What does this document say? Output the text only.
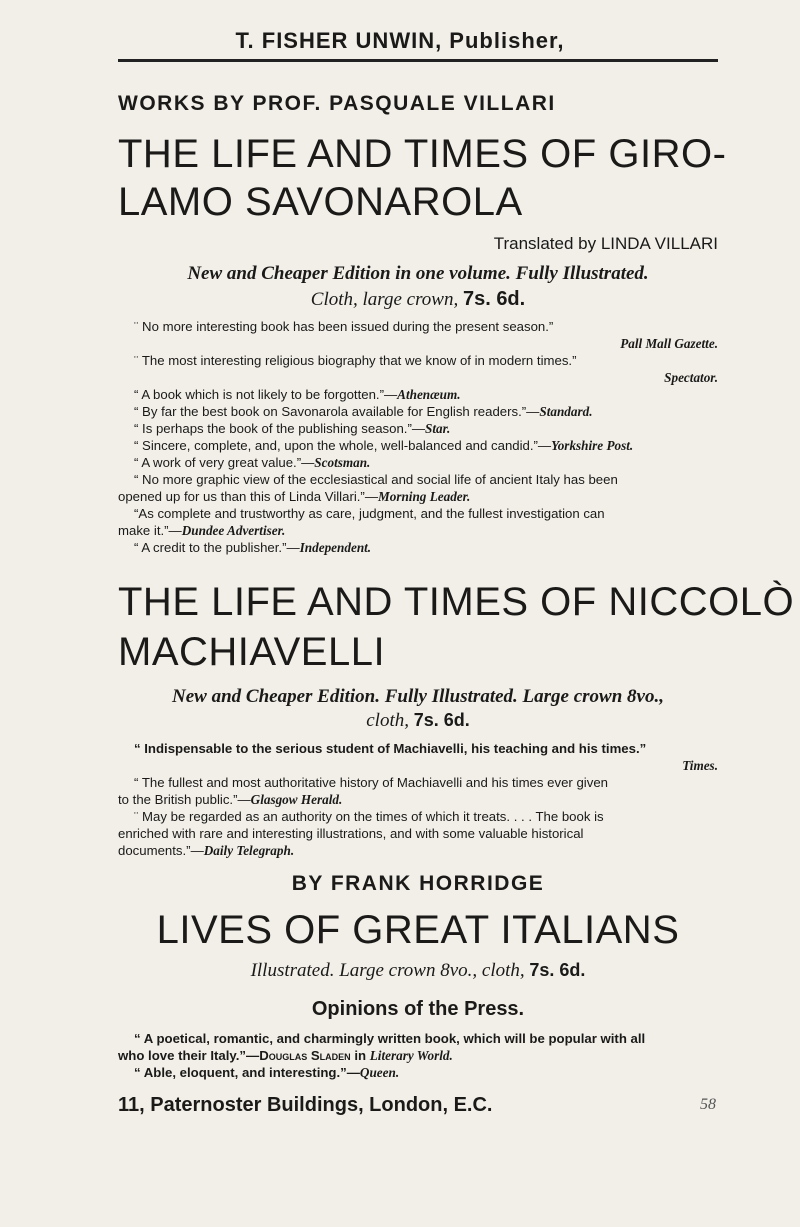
T. FISHER UNWIN, Publisher,
WORKS BY PROF. PASQUALE VILLARI
THE LIFE AND TIMES OF GIRO-
LAMO SAVONAROLA
Translated by LINDA VILLARI
New and Cheaper Edition in one volume. Fully Illustrated.
Cloth, large crown, 7s. 6d.
¨ No more interesting book has been issued during the present season.”
Pall Mall Gazette.
¨ The most interesting religious biography that we know of in modern times.”
Spectator.
“ A book which is not likely to be forgotten.”—Athenæum.
“ By far the best book on Savonarola available for English readers.”—Standard.
“ Is perhaps the book of the publishing season.”—Star.
“ Sincere, complete, and, upon the whole, well-balanced and candid.”—Yorkshire Post.
“ A work of very great value.”—Scotsman.
“ No more graphic view of the ecclesiastical and social life of ancient Italy has been
opened up for us than this of Linda Villari.”—Morning Leader.
“As complete and trustworthy as care, judgment, and the fullest investigation can
make it.”—Dundee Advertiser.
“ A credit to the publisher.”—Independent.
THE LIFE AND TIMES OF NICCOLÒ
MACHIAVELLI
New and Cheaper Edition. Fully Illustrated. Large crown 8vo.,
cloth, 7s. 6d.
“ Indispensable to the serious student of Machiavelli, his teaching and his times.”
Times.
“ The fullest and most authoritative history of Machiavelli and his times ever given
to the British public.”—Glasgow Herald.
¨ May be regarded as an authority on the times of which it treats. . . . The book is
enriched with rare and interesting illustrations, and with some valuable historical
documents.”—Daily Telegraph.
BY FRANK HORRIDGE
LIVES OF GREAT ITALIANS
Illustrated. Large crown 8vo., cloth, 7s. 6d.
Opinions of the Press.
“ A poetical, romantic, and charmingly written book, which will be popular with all
who love their Italy.”—Douglas Sladen in Literary World.
“ Able, eloquent, and interesting.”—Queen.
11, Paternoster Buildings, London, E.C.	58
